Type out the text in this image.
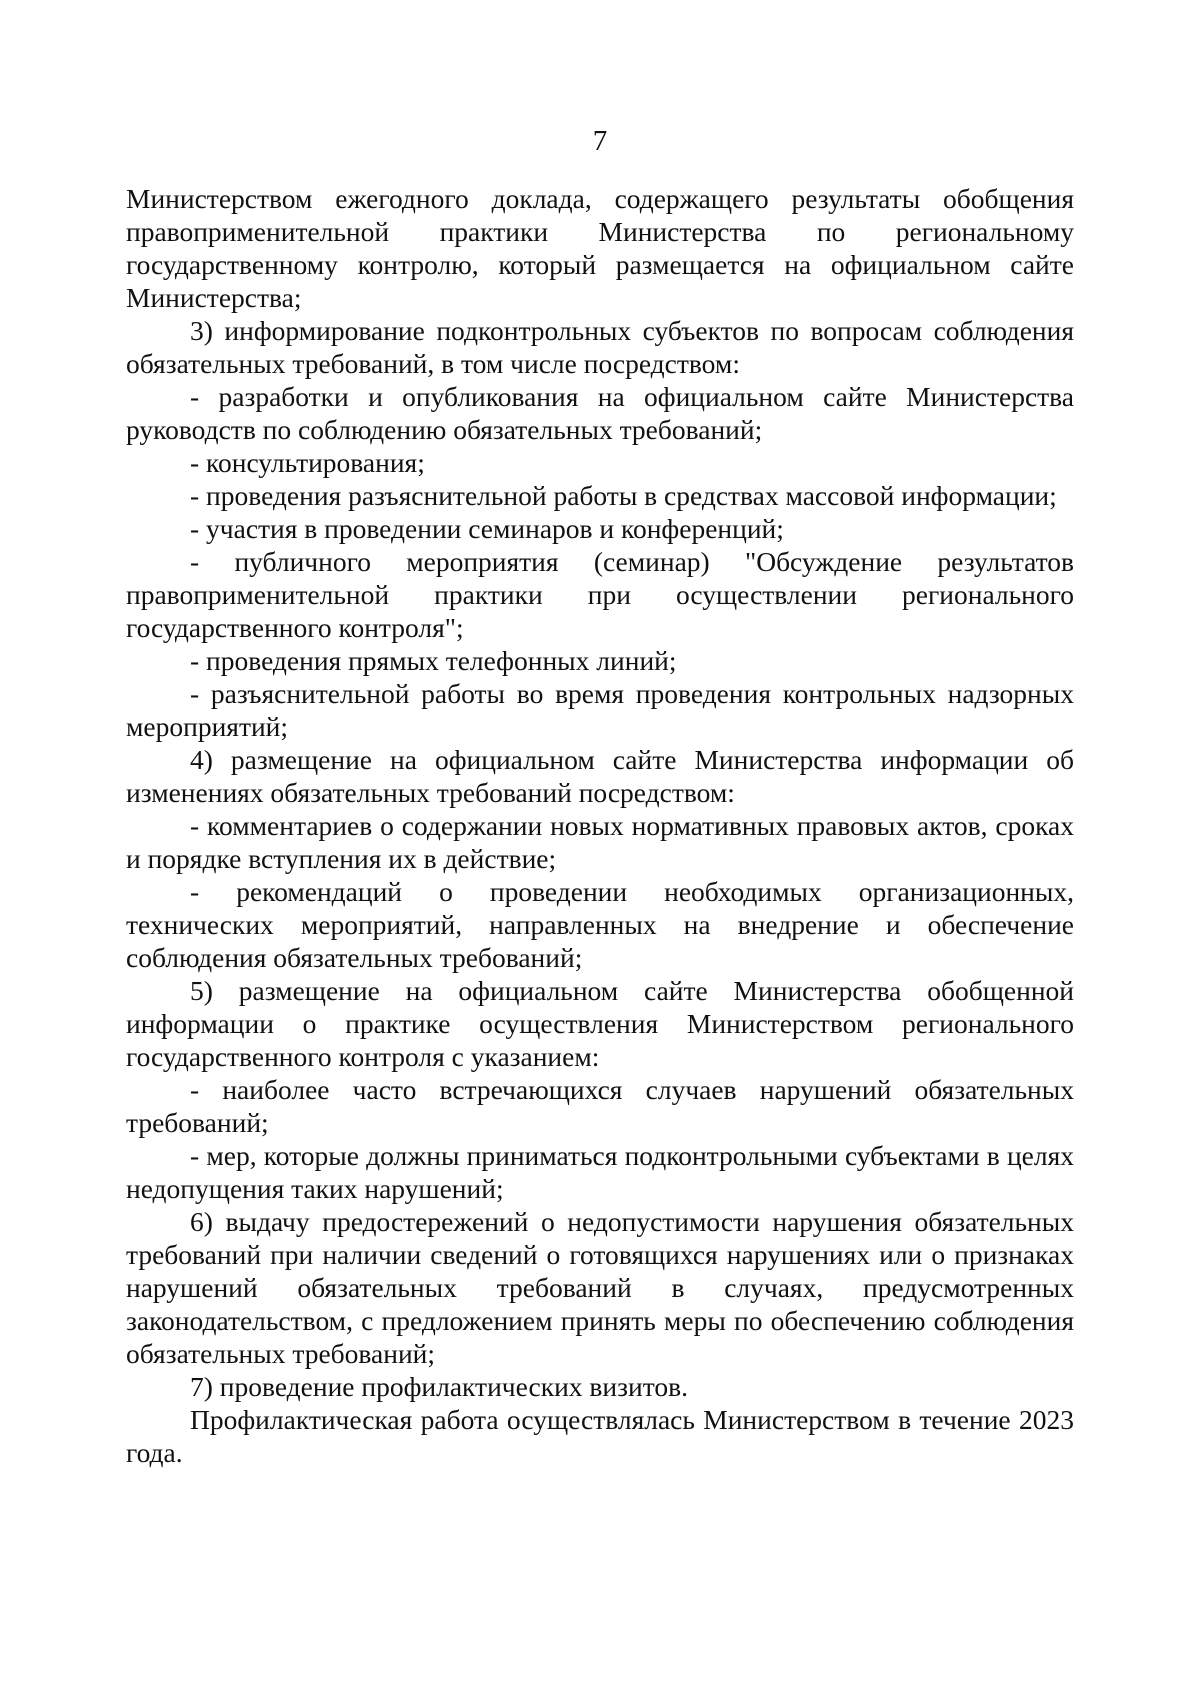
7

Министерством ежегодного доклада, содержащего результаты обобщения правоприменительной практики Министерства по региональному государственному контролю, который размещается на официальном сайте Министерства;

3) информирование подконтрольных субъектов по вопросам соблюдения обязательных требований, в том числе посредством:

- разработки и опубликования на официальном сайте Министерства руководств по соблюдению обязательных требований;

- консультирования;

- проведения разъяснительной работы в средствах массовой информации;

- участия в проведении семинаров и конференций;

- публичного мероприятия (семинар) "Обсуждение результатов правоприменительной практики при осуществлении регионального государственного контроля";

- проведения прямых телефонных линий;

- разъяснительной работы во время проведения контрольных надзорных мероприятий;

4) размещение на официальном сайте Министерства информации об изменениях обязательных требований посредством:

- комментариев о содержании новых нормативных правовых актов, сроках и порядке вступления их в действие;

- рекомендаций о проведении необходимых организационных, технических мероприятий, направленных на внедрение и обеспечение соблюдения обязательных требований;

5) размещение на официальном сайте Министерства обобщенной информации о практике осуществления Министерством регионального государственного контроля с указанием:

- наиболее часто встречающихся случаев нарушений обязательных требований;

- мер, которые должны приниматься подконтрольными субъектами в целях недопущения таких нарушений;

6) выдачу предостережений о недопустимости нарушения обязательных требований при наличии сведений о готовящихся нарушениях или о признаках нарушений обязательных требований в случаях, предусмотренных законодательством, с предложением принять меры по обеспечению соблюдения обязательных требований;

7) проведение профилактических визитов.

Профилактическая работа осуществлялась Министерством в течение 2023 года.
